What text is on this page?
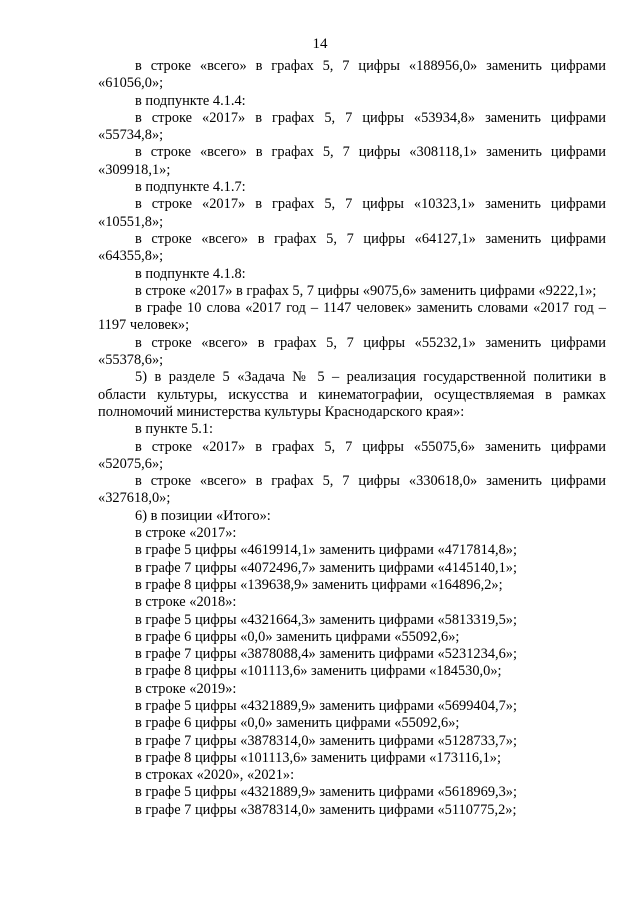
14

в строке «всего» в графах 5, 7 цифры «188956,0» заменить цифрами «61056,0»;

в подпункте 4.1.4:

в строке «2017» в графах 5, 7 цифры «53934,8» заменить цифрами «55734,8»;

в строке «всего» в графах 5, 7 цифры «308118,1» заменить цифрами «309918,1»;

в подпункте 4.1.7:

в строке «2017» в графах 5, 7 цифры «10323,1» заменить цифрами «10551,8»;

в строке «всего» в графах 5, 7 цифры «64127,1» заменить цифрами «64355,8»;

в подпункте 4.1.8:

в строке «2017» в графах 5, 7 цифры «9075,6» заменить цифрами «9222,1»;

в графе 10 слова «2017 год – 1147 человек» заменить словами «2017 год – 1197 человек»;

в строке «всего» в графах 5, 7 цифры «55232,1» заменить цифрами «55378,6»;

5) в разделе 5 «Задача № 5 – реализация государственной политики в области культуры, искусства и кинематографии, осуществляемая в рамках полномочий министерства культуры Краснодарского края»:

в пункте 5.1:

в строке «2017» в графах 5, 7 цифры «55075,6» заменить цифрами «52075,6»;

в строке «всего» в графах 5, 7 цифры «330618,0» заменить цифрами «327618,0»;

6) в позиции «Итого»:

в строке «2017»:

в графе 5 цифры «4619914,1» заменить цифрами «4717814,8»;

в графе 7 цифры «4072496,7» заменить цифрами «4145140,1»;

в графе 8 цифры «139638,9» заменить цифрами «164896,2»;

в строке «2018»:

в графе 5 цифры «4321664,3» заменить цифрами «5813319,5»;

в графе 6 цифры «0,0» заменить цифрами «55092,6»;

в графе 7 цифры «3878088,4» заменить цифрами «5231234,6»;

в графе 8 цифры «101113,6» заменить цифрами «184530,0»;

в строке «2019»:

в графе 5 цифры «4321889,9» заменить цифрами «5699404,7»;

в графе 6 цифры «0,0» заменить цифрами «55092,6»;

в графе 7 цифры «3878314,0» заменить цифрами «5128733,7»;

в графе 8 цифры «101113,6» заменить цифрами «173116,1»;

в строках «2020», «2021»:

в графе 5 цифры «4321889,9» заменить цифрами «5618969,3»;

в графе 7 цифры «3878314,0» заменить цифрами «5110775,2»;
